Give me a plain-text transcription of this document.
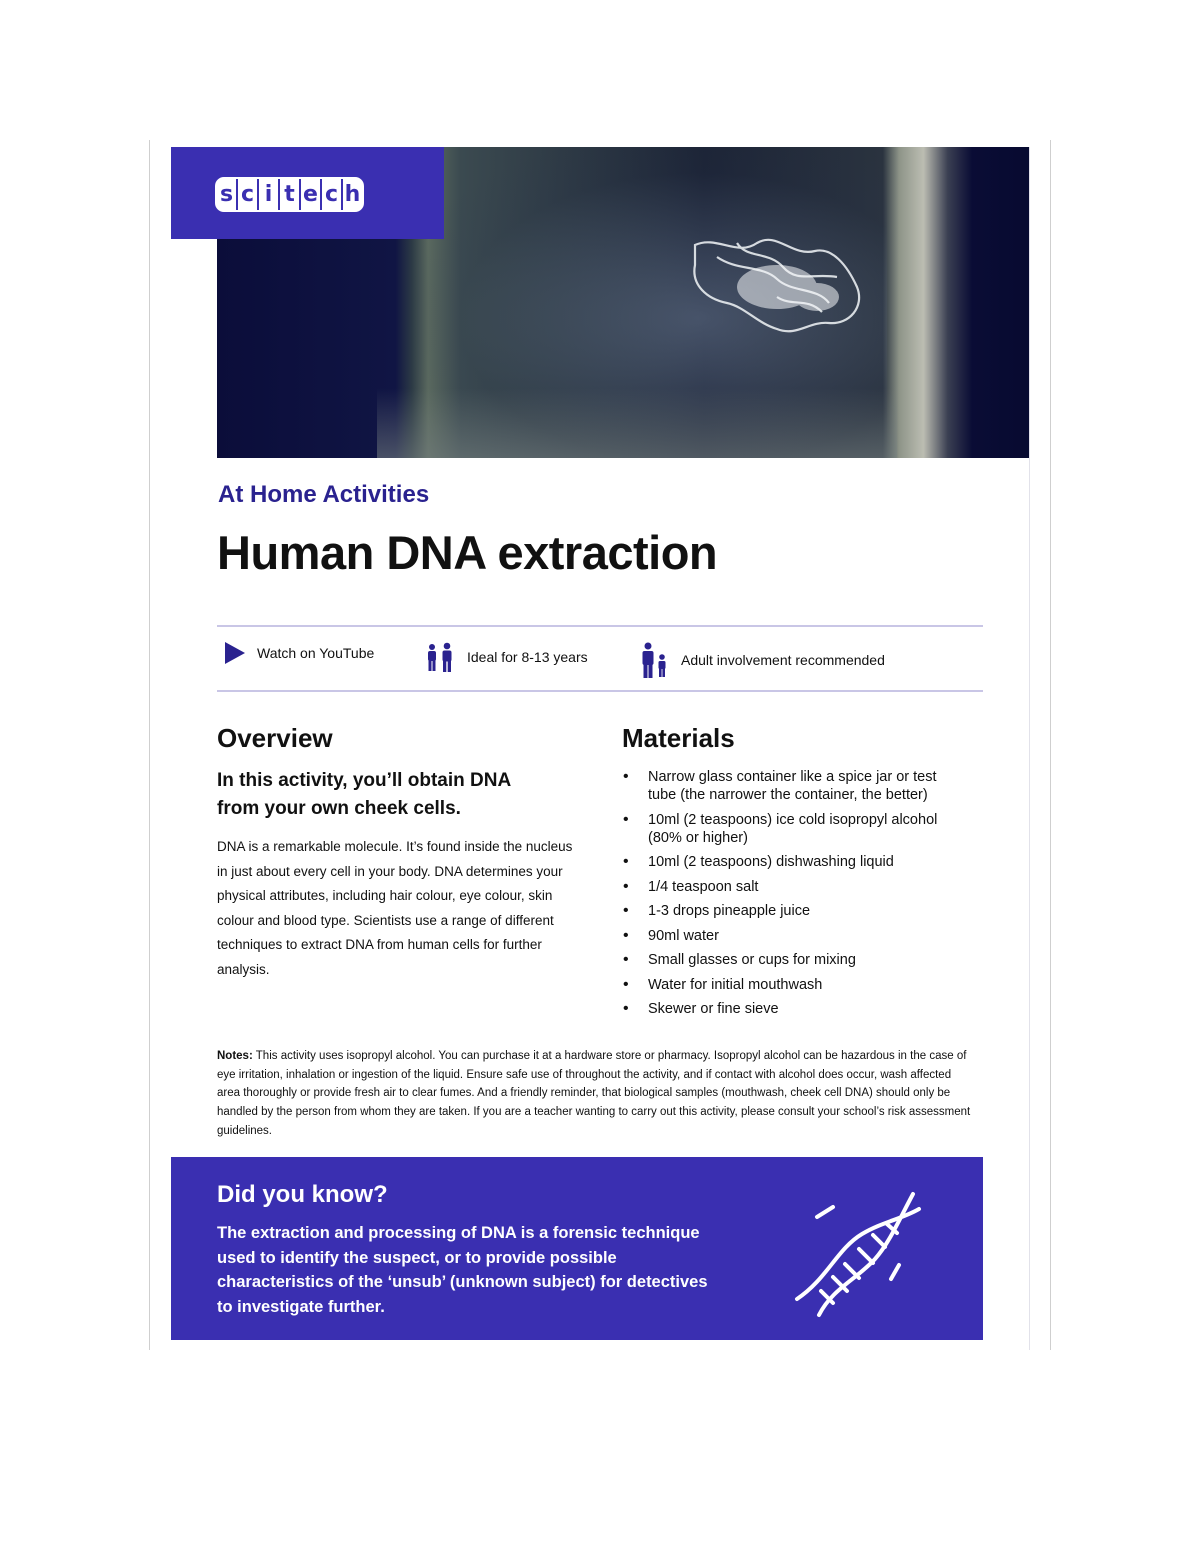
s c i t e c h

At Home Activities

Human DNA extraction
Watch on YouTube	Ideal for 8-13 years	Adult involvement recommended
Overview

In this activity, you’ll obtain DNA from your own cheek cells.

DNA is a remarkable molecule. It’s found inside the nucleus in just about every cell in your body. DNA determines your physical attributes, including hair colour, eye colour, skin colour and blood type. Scientists use a range of different techniques to extract DNA from human cells for further analysis.

Materials
• Narrow glass container like a spice jar or test tube (the narrower the container, the better)
• 10ml (2 teaspoons) ice cold isopropyl alcohol (80% or higher)
• 10ml (2 teaspoons) dishwashing liquid
• 1/4 teaspoon salt
• 1-3 drops pineapple juice
• 90ml water
• Small glasses or cups for mixing
• Water for initial mouthwash
• Skewer or fine sieve

Notes: This activity uses isopropyl alcohol. You can purchase it at a hardware store or pharmacy. Isopropyl alcohol can be hazardous in the case of eye irritation, inhalation or ingestion of the liquid. Ensure safe use of throughout the activity, and if contact with alcohol does occur, wash affected area thoroughly or provide fresh air to clear fumes. And a friendly reminder, that biological samples (mouthwash, cheek cell DNA) should only be handled by the person from whom they are taken. If you are a teacher wanting to carry out this activity, please consult your school’s risk assessment guidelines.

Did you know?

The extraction and processing of DNA is a forensic technique used to identify the suspect, or to provide possible characteristics of the ‘unsub’ (unknown subject) for detectives to investigate further.
